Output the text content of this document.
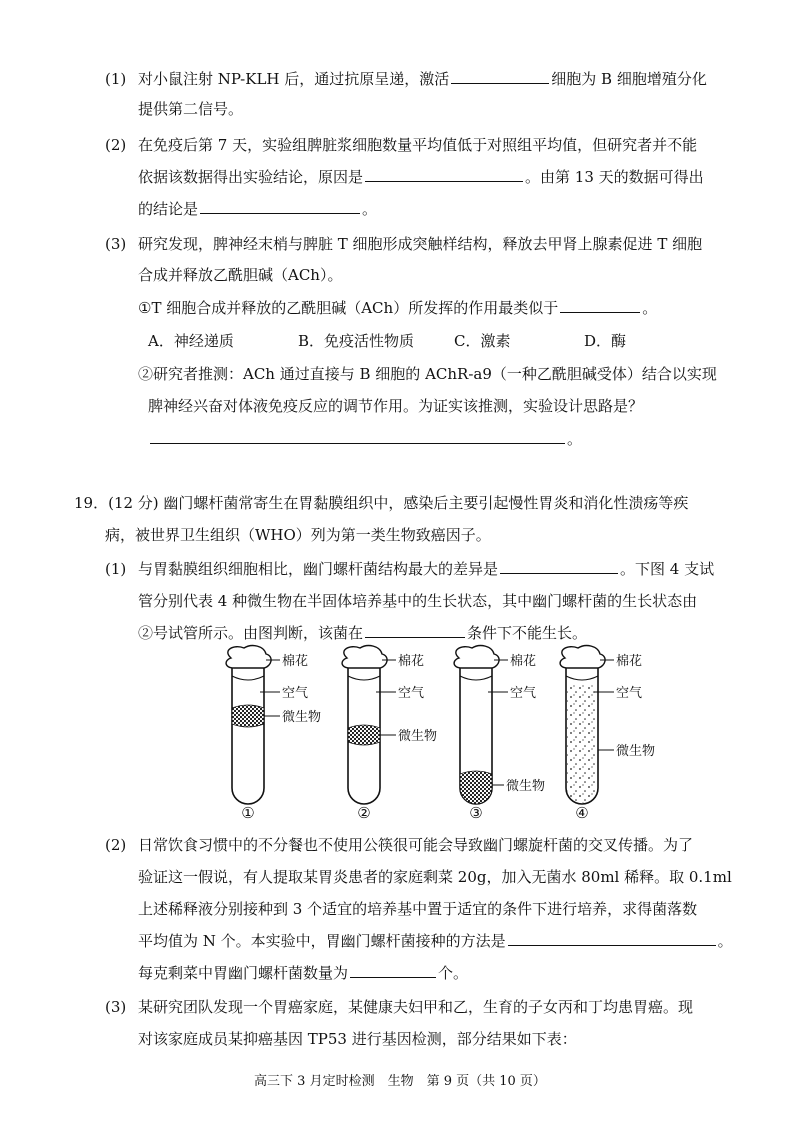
(1) 对小鼠注射 NP-KLH 后，通过抗原呈递，激活	细胞为 B 细胞增殖分化
提供第二信号。
(2) 在免疫后第 7 天，实验组脾脏浆细胞数量平均值低于对照组平均值，但研究者并不能
依据该数据得出实验结论，原因是	。由第 13 天的数据可得出
的结论是	。
(3) 研究发现，脾神经末梢与脾脏 T 细胞形成突触样结构，释放去甲肾上腺素促进 T 细胞
合成并释放乙酰胆碱（ACh）。
①T 细胞合成并释放的乙酰胆碱（ACh）所发挥的作用最类似于	。
A．神经递质	B．免疫活性物质	C．激素	D．酶
②研究者推测：ACh 通过直接与 B 细胞的 AChR-a9（一种乙酰胆碱受体）结合以实现
脾神经兴奋对体液免疫反应的调节作用。为证实该推测，实验设计思路是？
。
19．(12 分) 幽门螺杆菌常寄生在胃黏膜组织中，感染后主要引起慢性胃炎和消化性溃疡等疾
病，被世界卫生组织（WHO）列为第一类生物致癌因子。
(1) 与胃黏膜组织细胞相比，幽门螺杆菌结构最大的差异是	。下图 4 支试
管分别代表 4 种微生物在半固体培养基中的生长状态，其中幽门螺杆菌的生长状态由
②号试管所示。由图判断，该菌在	条件下不能生长。
棉花
空气
微生物
棉花
空气
微生物
棉花
空气
微生物
棉花
空气
微生物
①	②	③	④
(2) 日常饮食习惯中的不分餐也不使用公筷很可能会导致幽门螺旋杆菌的交叉传播。为了
验证这一假说，有人提取某胃炎患者的家庭剩菜 20g，加入无菌水 80ml 稀释。取 0.1ml
上述稀释液分别接种到 3 个适宜的培养基中置于适宜的条件下进行培养，求得菌落数
平均值为 N 个。本实验中，胃幽门螺杆菌接种的方法是	。
每克剩菜中胃幽门螺杆菌数量为	个。
(3) 某研究团队发现一个胃癌家庭，某健康夫妇甲和乙，生育的子女丙和丁均患胃癌。现
对该家庭成员某抑癌基因 TP53 进行基因检测，部分结果如下表：
高三下 3 月定时检测　生物　第 9 页（共 10 页）
